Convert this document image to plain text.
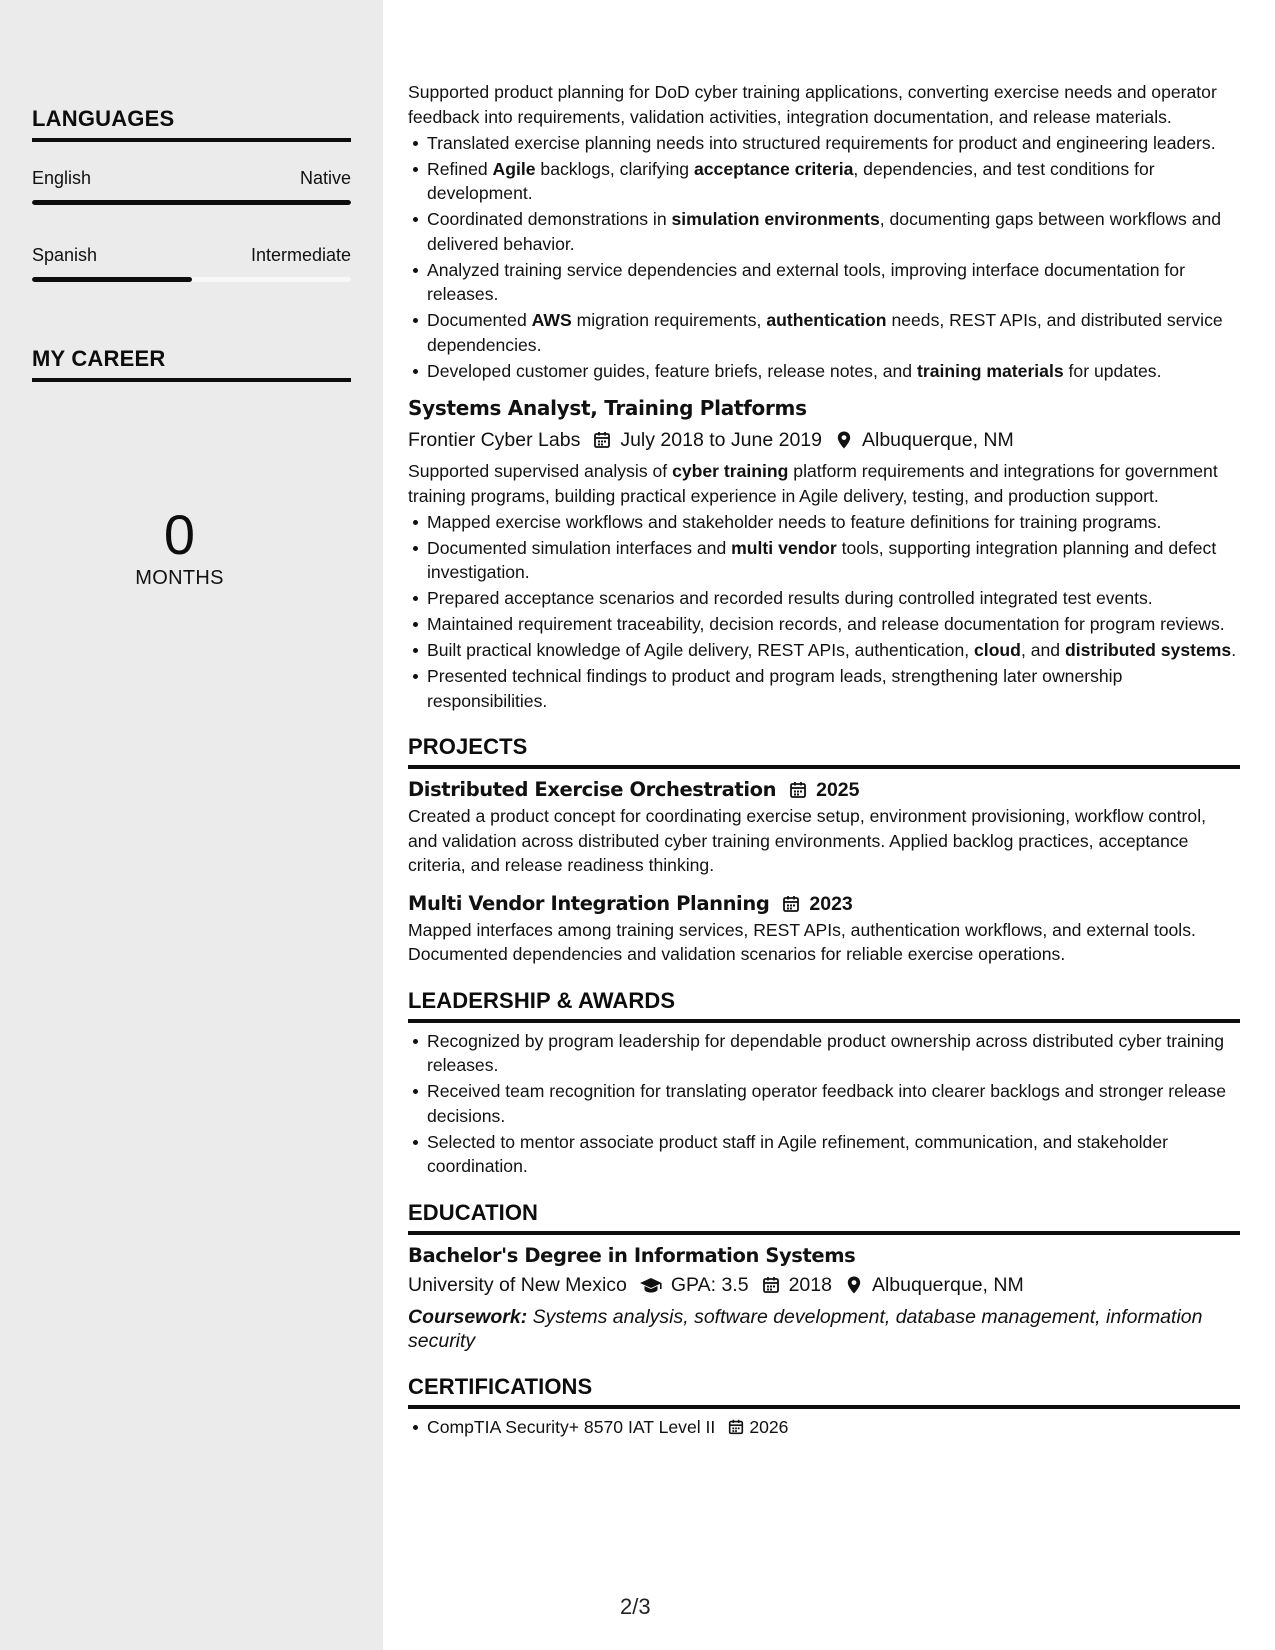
LANGUAGES
English	Native
Spanish	Intermediate
MY CAREER
0
MONTHS

Supported product planning for DoD cyber training applications, converting exercise needs and operator feedback into requirements, validation activities, integration documentation, and release materials.

Translated exercise planning needs into structured requirements for product and engineering leaders.
Refined Agile backlogs, clarifying acceptance criteria, dependencies, and test conditions for development.
Coordinated demonstrations in simulation environments, documenting gaps between workflows and delivered behavior.
Analyzed training service dependencies and external tools, improving interface documentation for releases.
Documented AWS migration requirements, authentication needs, REST APIs, and distributed service dependencies.
Developed customer guides, feature briefs, release notes, and training materials for updates.
Systems Analyst, Training Platforms
Frontier Cyber Labs July 2018 to June 2019 Albuquerque, NM

Supported supervised analysis of cyber training platform requirements and integrations for government training programs, building practical experience in Agile delivery, testing, and production support.

Mapped exercise workflows and stakeholder needs to feature definitions for training programs.
Documented simulation interfaces and multi vendor tools, supporting integration planning and defect investigation.
Prepared acceptance scenarios and recorded results during controlled integrated test events.
Maintained requirement traceability, decision records, and release documentation for program reviews.
Built practical knowledge of Agile delivery, REST APIs, authentication, cloud, and distributed systems.
Presented technical findings to product and program leads, strengthening later ownership responsibilities.
PROJECTS
Distributed Exercise Orchestration 2025

Created a product concept for coordinating exercise setup, environment provisioning, workflow control, and validation across distributed cyber training environments. Applied backlog practices, acceptance criteria, and release readiness thinking.

Multi Vendor Integration Planning 2023

Mapped interfaces among training services, REST APIs, authentication workflows, and external tools. Documented dependencies and validation scenarios for reliable exercise operations.

LEADERSHIP & AWARDS
Recognized by program leadership for dependable product ownership across distributed cyber training releases.
Received team recognition for translating operator feedback into clearer backlogs and stronger release decisions.
Selected to mentor associate product staff in Agile refinement, communication, and stakeholder coordination.
EDUCATION
Bachelor's Degree in Information Systems
University of New Mexico GPA: 3.5 2018 Albuquerque, NM
Coursework: Systems analysis, software development, database management, information security
CERTIFICATIONS
CompTIA Security+ 8570 IAT Level II 2026
2/3
